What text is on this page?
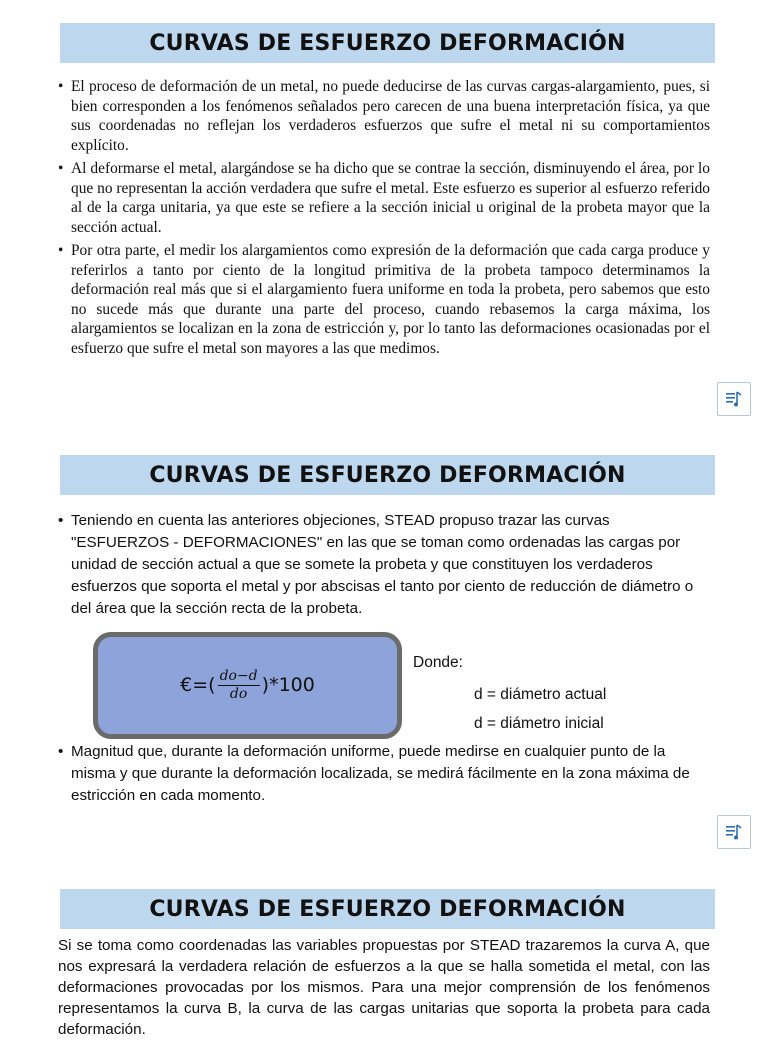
CURVAS DE ESFUERZO DEFORMACIÓN
• El proceso de deformación de un metal, no puede deducirse de las curvas cargas-alargamiento, pues, si bien corresponden a los fenómenos señalados pero carecen de una buena interpretación física, ya que sus coordenadas no reflejan los verdaderos esfuerzos que sufre el metal ni su comportamientos explícito.
• Al deformarse el metal, alargándose se ha dicho que se contrae la sección, disminuyendo el área, por lo que no representan la acción verdadera que sufre el metal. Este esfuerzo es superior al esfuerzo referido al de la carga unitaria, ya que este se refiere a la sección inicial u original de la probeta mayor que la sección actual.
• Por otra parte, el medir los alargamientos como expresión de la deformación que cada carga produce y referirlos a tanto por ciento de la longitud primitiva de la probeta tampoco determinamos la deformación real más que si el alargamiento fuera uniforme en toda la probeta, pero sabemos que esto no sucede más que durante una parte del proceso, cuando rebasemos la carga máxima, los alargamientos se localizan en la zona de estricción y, por lo tanto las deformaciones ocasionadas por el esfuerzo que sufre el metal son mayores a las que medimos.
CURVAS DE ESFUERZO DEFORMACIÓN
• Teniendo en cuenta las anteriores objeciones, STEAD propuso trazar las curvas "ESFUERZOS - DEFORMACIONES" en las que se toman como ordenadas las cargas por unidad de sección actual a que se somete la probeta y que constituyen los verdaderos esfuerzos que soporta el metal y por abscisas el tanto por ciento de reducción de diámetro o del área que la sección recta de la probeta.
€=( $\frac{do-d}{do} )*100$
Donde:
d = diámetro actual
d = diámetro inicial
• Magnitud que, durante la deformación uniforme, puede medirse en cualquier punto de la misma y que durante la deformación localizada, se medirá fácilmente en la zona máxima de estricción en cada momento.
CURVAS DE ESFUERZO DEFORMACIÓN
Si se toma como coordenadas las variables propuestas por STEAD trazaremos la curva A, que nos expresará la verdadera relación de esfuerzos a la que se halla sometida el metal, con las deformaciones provocadas por los mismos. Para una mejor comprensión de los fenómenos representamos la curva B, la curva de las cargas unitarias que soporta la probeta para cada deformación.
